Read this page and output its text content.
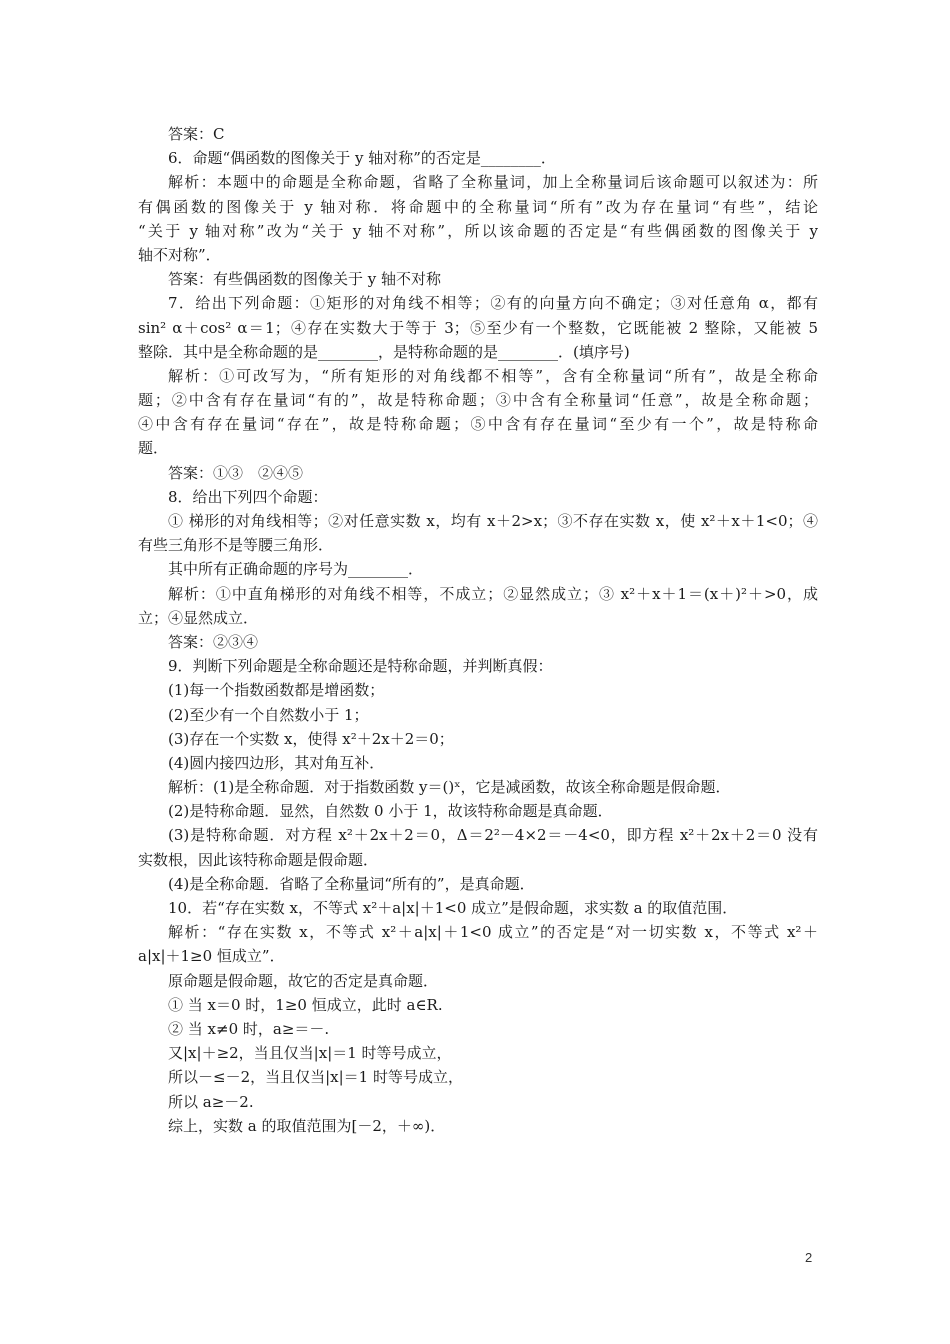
答案：C
6．命题“偶函数的图像关于 y 轴对称”的否定是________．
解析：本题中的命题是全称命题，省略了全称量词，加上全称量词后该命题可以叙述为：所
有偶函数的图像关于 y 轴对称．将命题中的全称量词“所有”改为存在量词“有些”，结论
“关于 y 轴对称”改为“关于 y 轴不对称”，所以该命题的否定是“有些偶函数的图像关于 y
轴不对称”．
答案：有些偶函数的图像关于 y 轴不对称
7．给出下列命题：①矩形的对角线不相等；②有的向量方向不确定；③对任意角 α，都有
sin² α＋cos² α＝1；④存在实数大于等于 3；⑤至少有一个整数，它既能被 2 整除，又能被 5
整除．其中是全称命题的是________，是特称命题的是________．(填序号)
解析：①可改写为，“所有矩形的对角线都不相等”，含有全称量词“所有”，故是全称命
题；②中含有存在量词“有的”，故是特称命题；③中含有全称量词“任意”，故是全称命题；
④中含有存在量词“存在”，故是特称命题；⑤中含有存在量词“至少有一个”，故是特称命
题．
答案：①③　②④⑤
8．给出下列四个命题：
① 梯形的对角线相等；②对任意实数 x，均有 x＋2>x；③不存在实数 x，使 x²＋x＋1<0；④
有些三角形不是等腰三角形．
其中所有正确命题的序号为________．
解析：①中直角梯形的对角线不相等，不成立；②显然成立；③ x²＋x＋1＝(x＋)²＋>0，成
立；④显然成立．
答案：②③④
9．判断下列命题是全称命题还是特称命题，并判断真假：
(1)每一个指数函数都是增函数；
(2)至少有一个自然数小于 1；
(3)存在一个实数 x，使得 x²＋2x＋2＝0；
(4)圆内接四边形，其对角互补．
解析：(1)是全称命题．对于指数函数 y＝()ˣ，它是减函数，故该全称命题是假命题．
(2)是特称命题．显然，自然数 0 小于 1，故该特称命题是真命题．
(3)是特称命题．对方程 x²＋2x＋2＝0，Δ＝2²－4×2＝－4<0，即方程 x²＋2x＋2＝0 没有
实数根，因此该特称命题是假命题．
(4)是全称命题．省略了全称量词“所有的”，是真命题．
10．若“存在实数 x，不等式 x²＋a|x|＋1<0 成立”是假命题，求实数 a 的取值范围．
解析：“存在实数 x，不等式 x²＋a|x|＋1<0 成立”的否定是“对一切实数 x，不等式 x²＋
a|x|＋1≥0 恒成立”．
原命题是假命题，故它的否定是真命题．
① 当 x＝0 时，1≥0 恒成立，此时 a∈R.
② 当 x≠0 时，a≥＝－.
又|x|＋≥2，当且仅当|x|＝1 时等号成立，
所以－≤－2，当且仅当|x|＝1 时等号成立，
所以 a≥－2.
综上，实数 a 的取值范围为[－2，＋∞)．
2
